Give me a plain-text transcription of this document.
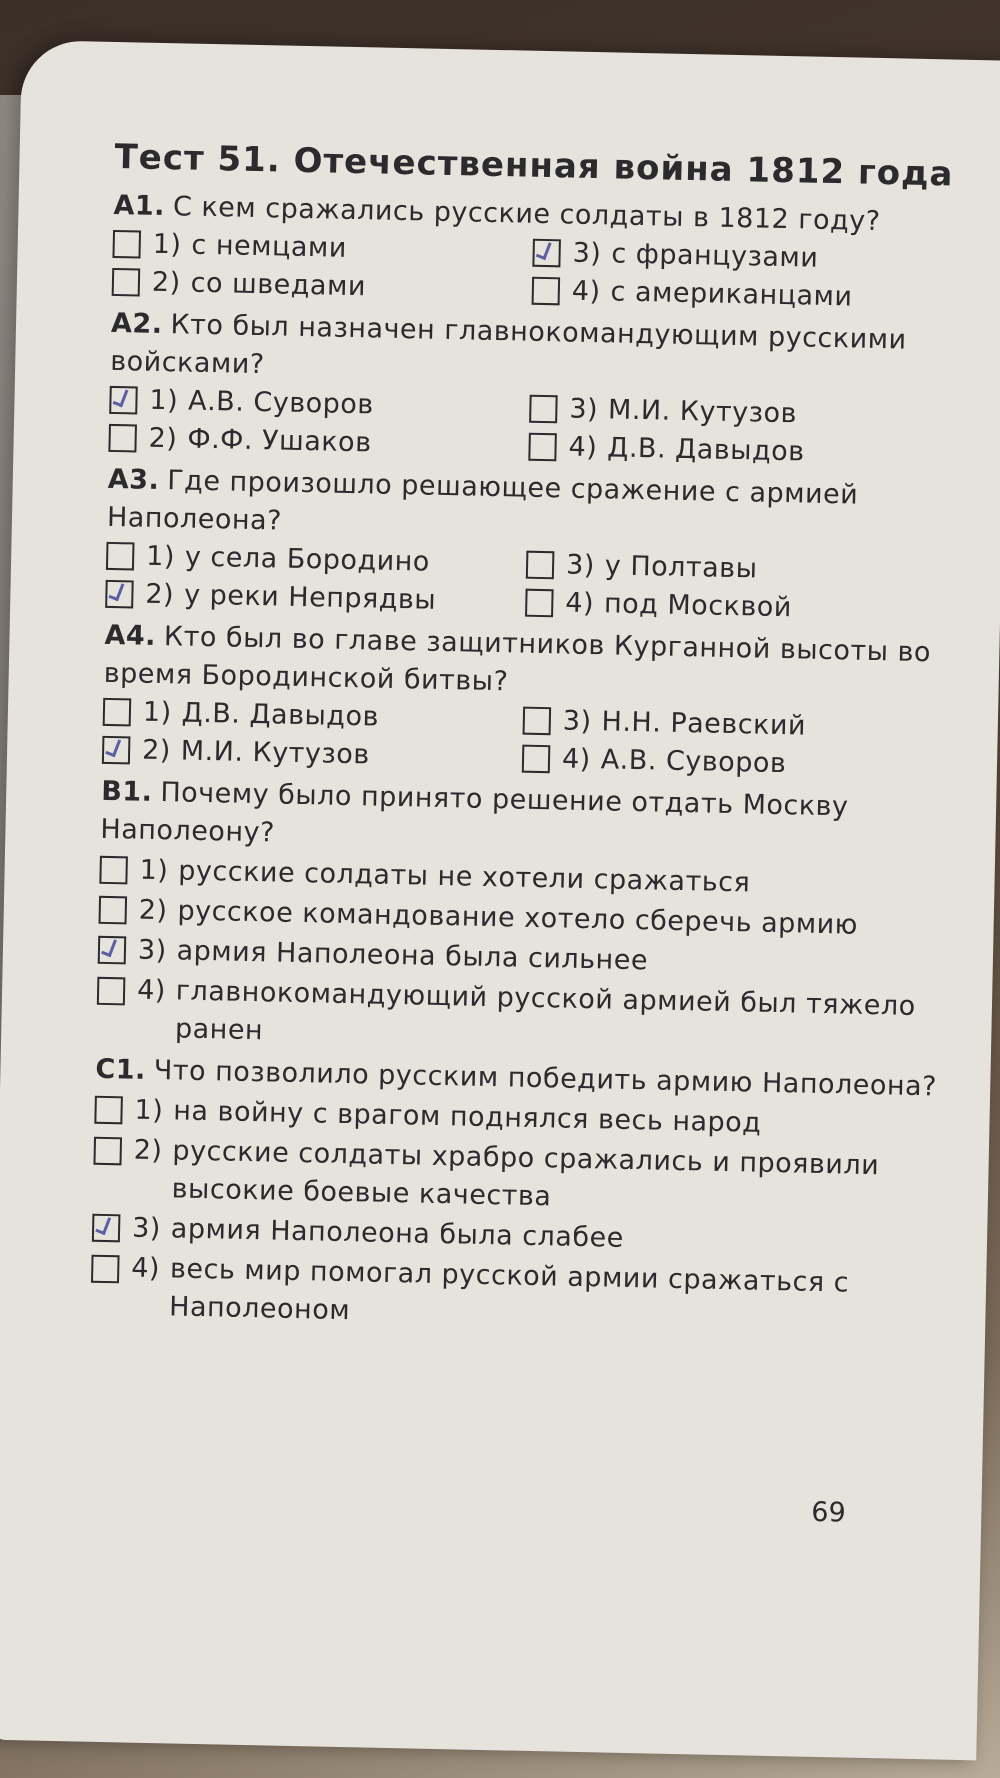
Тест 51. Отечественная война 1812 года
А1. С кем сражались русские солдаты в 1812 году?
1) с немцами	3) с французами
2) со шведами	4) с американцами
А2. Кто был назначен главнокомандующим русскими войсками?
1) А.В. Суворов	3) М.И. Кутузов
2) Ф.Ф. Ушаков	4) Д.В. Давыдов
А3. Где произошло решающее сражение с армией Наполеона?
1) у села Бородино	3) у Полтавы
2) у реки Непрядвы	4) под Москвой
А4. Кто был во главе защитников Курганной высоты во время Бородинской битвы?
1) Д.В. Давыдов	3) Н.Н. Раевский
2) М.И. Кутузов	4) А.В. Суворов
В1. Почему было принято решение отдать Москву Наполеону?
1) русские солдаты не хотели сражаться
2) русское командование хотело сберечь армию
3) армия Наполеона была сильнее
4) главнокомандующий русской армией был тяжело ранен
С1. Что позволило русским победить армию Наполеона?
1) на войну с врагом поднялся весь народ
2) русские солдаты храбро сражались и проявили высокие боевые качества
3) армия Наполеона была слабее
4) весь мир помогал русской армии сражаться с Наполеоном
69
